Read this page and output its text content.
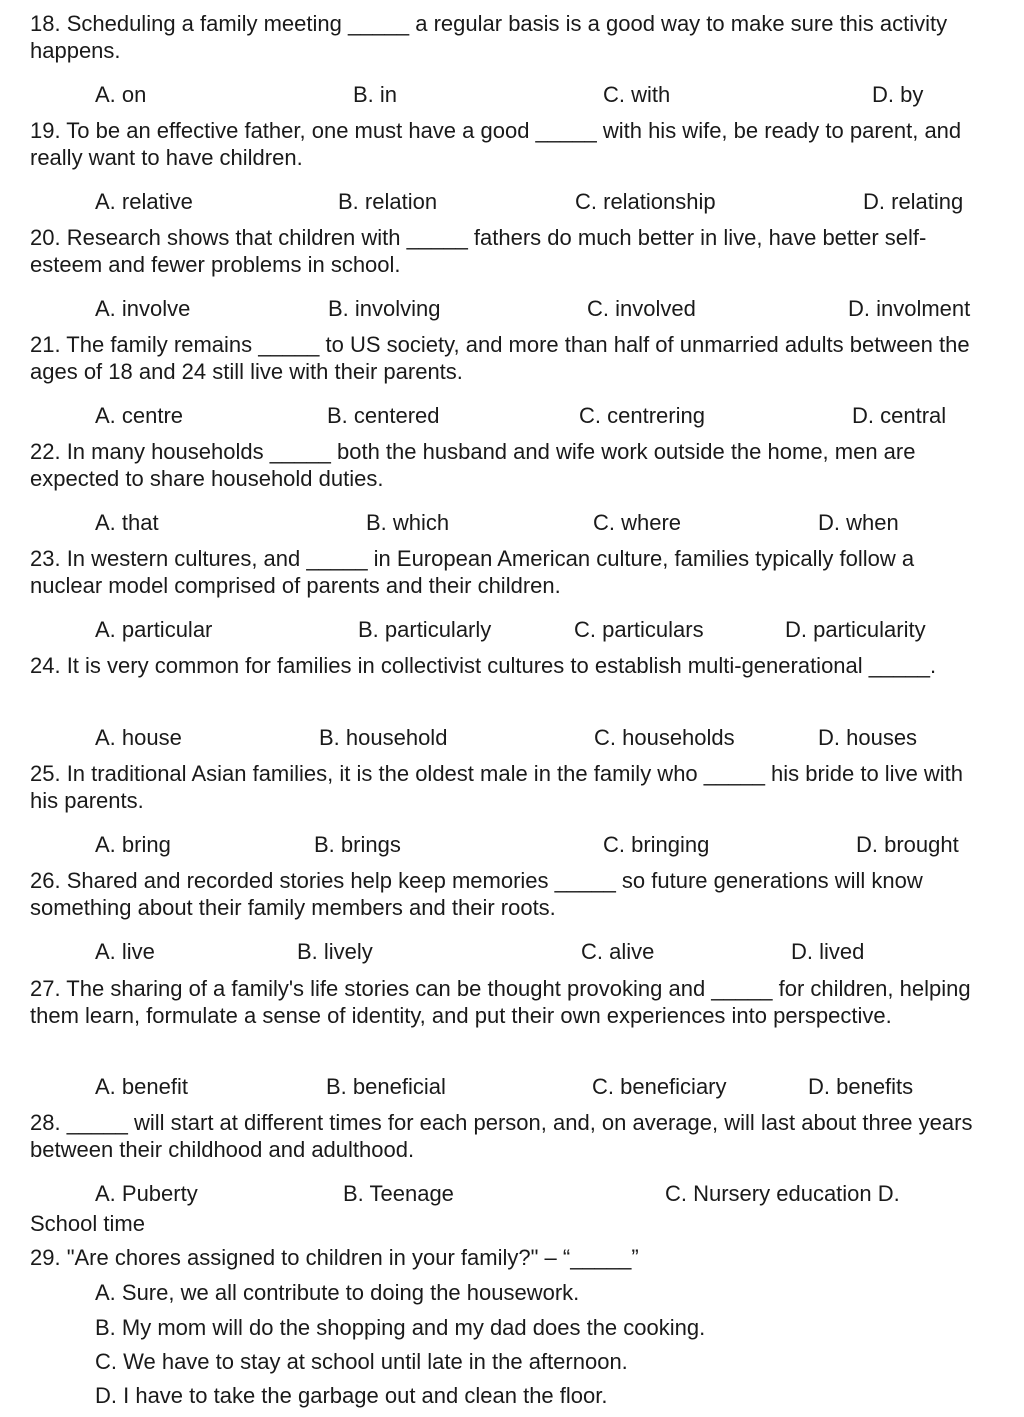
18. Scheduling a family meeting _____ a regular basis is a good way to make sure this activity happens.
A. on	B. in	C. with	D. by
19. To be an effective father, one must have a good _____ with his wife, be ready to parent, and really want to have children.
A. relative	B. relation	C. relationship	D. relating
20. Research shows that children with _____ fathers do much better in live, have better self-esteem and fewer problems in school.
A. involve	B. involving	C. involved	D. involment
21. The family remains _____ to US society, and more than half of unmarried adults between the ages of 18 and 24 still live with their parents.
A. centre	B. centered	C. centrering	D. central
22. In many households _____ both the husband and wife work outside the home, men are expected to share household duties.
A. that	B. which	C. where	D. when
23. In western cultures, and _____ in European American culture, families typically follow a nuclear model comprised of parents and their children.
A. particular	B. particularly	C. particulars	D. particularity
24. It is very common for families in collectivist cultures to establish multi-generational _____.
A. house	B. household	C. households	D. houses
25. In traditional Asian families, it is the oldest male in the family who _____ his bride to live with his parents.
A. bring	B. brings	C. bringing	D. brought
26. Shared and recorded stories help keep memories _____ so future generations will know something about their family members and their roots.
A. live	B. lively	C. alive	D. lived
27. The sharing of a family's life stories can be thought provoking and _____ for children, helping them learn, formulate a sense of identity, and put their own experiences into perspective.
A. benefit	B. beneficial	C. beneficiary	D. benefits
28. _____ will start at different times for each person, and, on average, will last about three years between their childhood and adulthood.
A. Puberty	B. Teenage	C. Nursery education D.
School time
29. "Are chores assigned to children in your family?" – “_____”
A. Sure, we all contribute to doing the housework.
B. My mom will do the shopping and my dad does the cooking.
C. We have to stay at school until late in the afternoon.
D. I have to take the garbage out and clean the floor.
